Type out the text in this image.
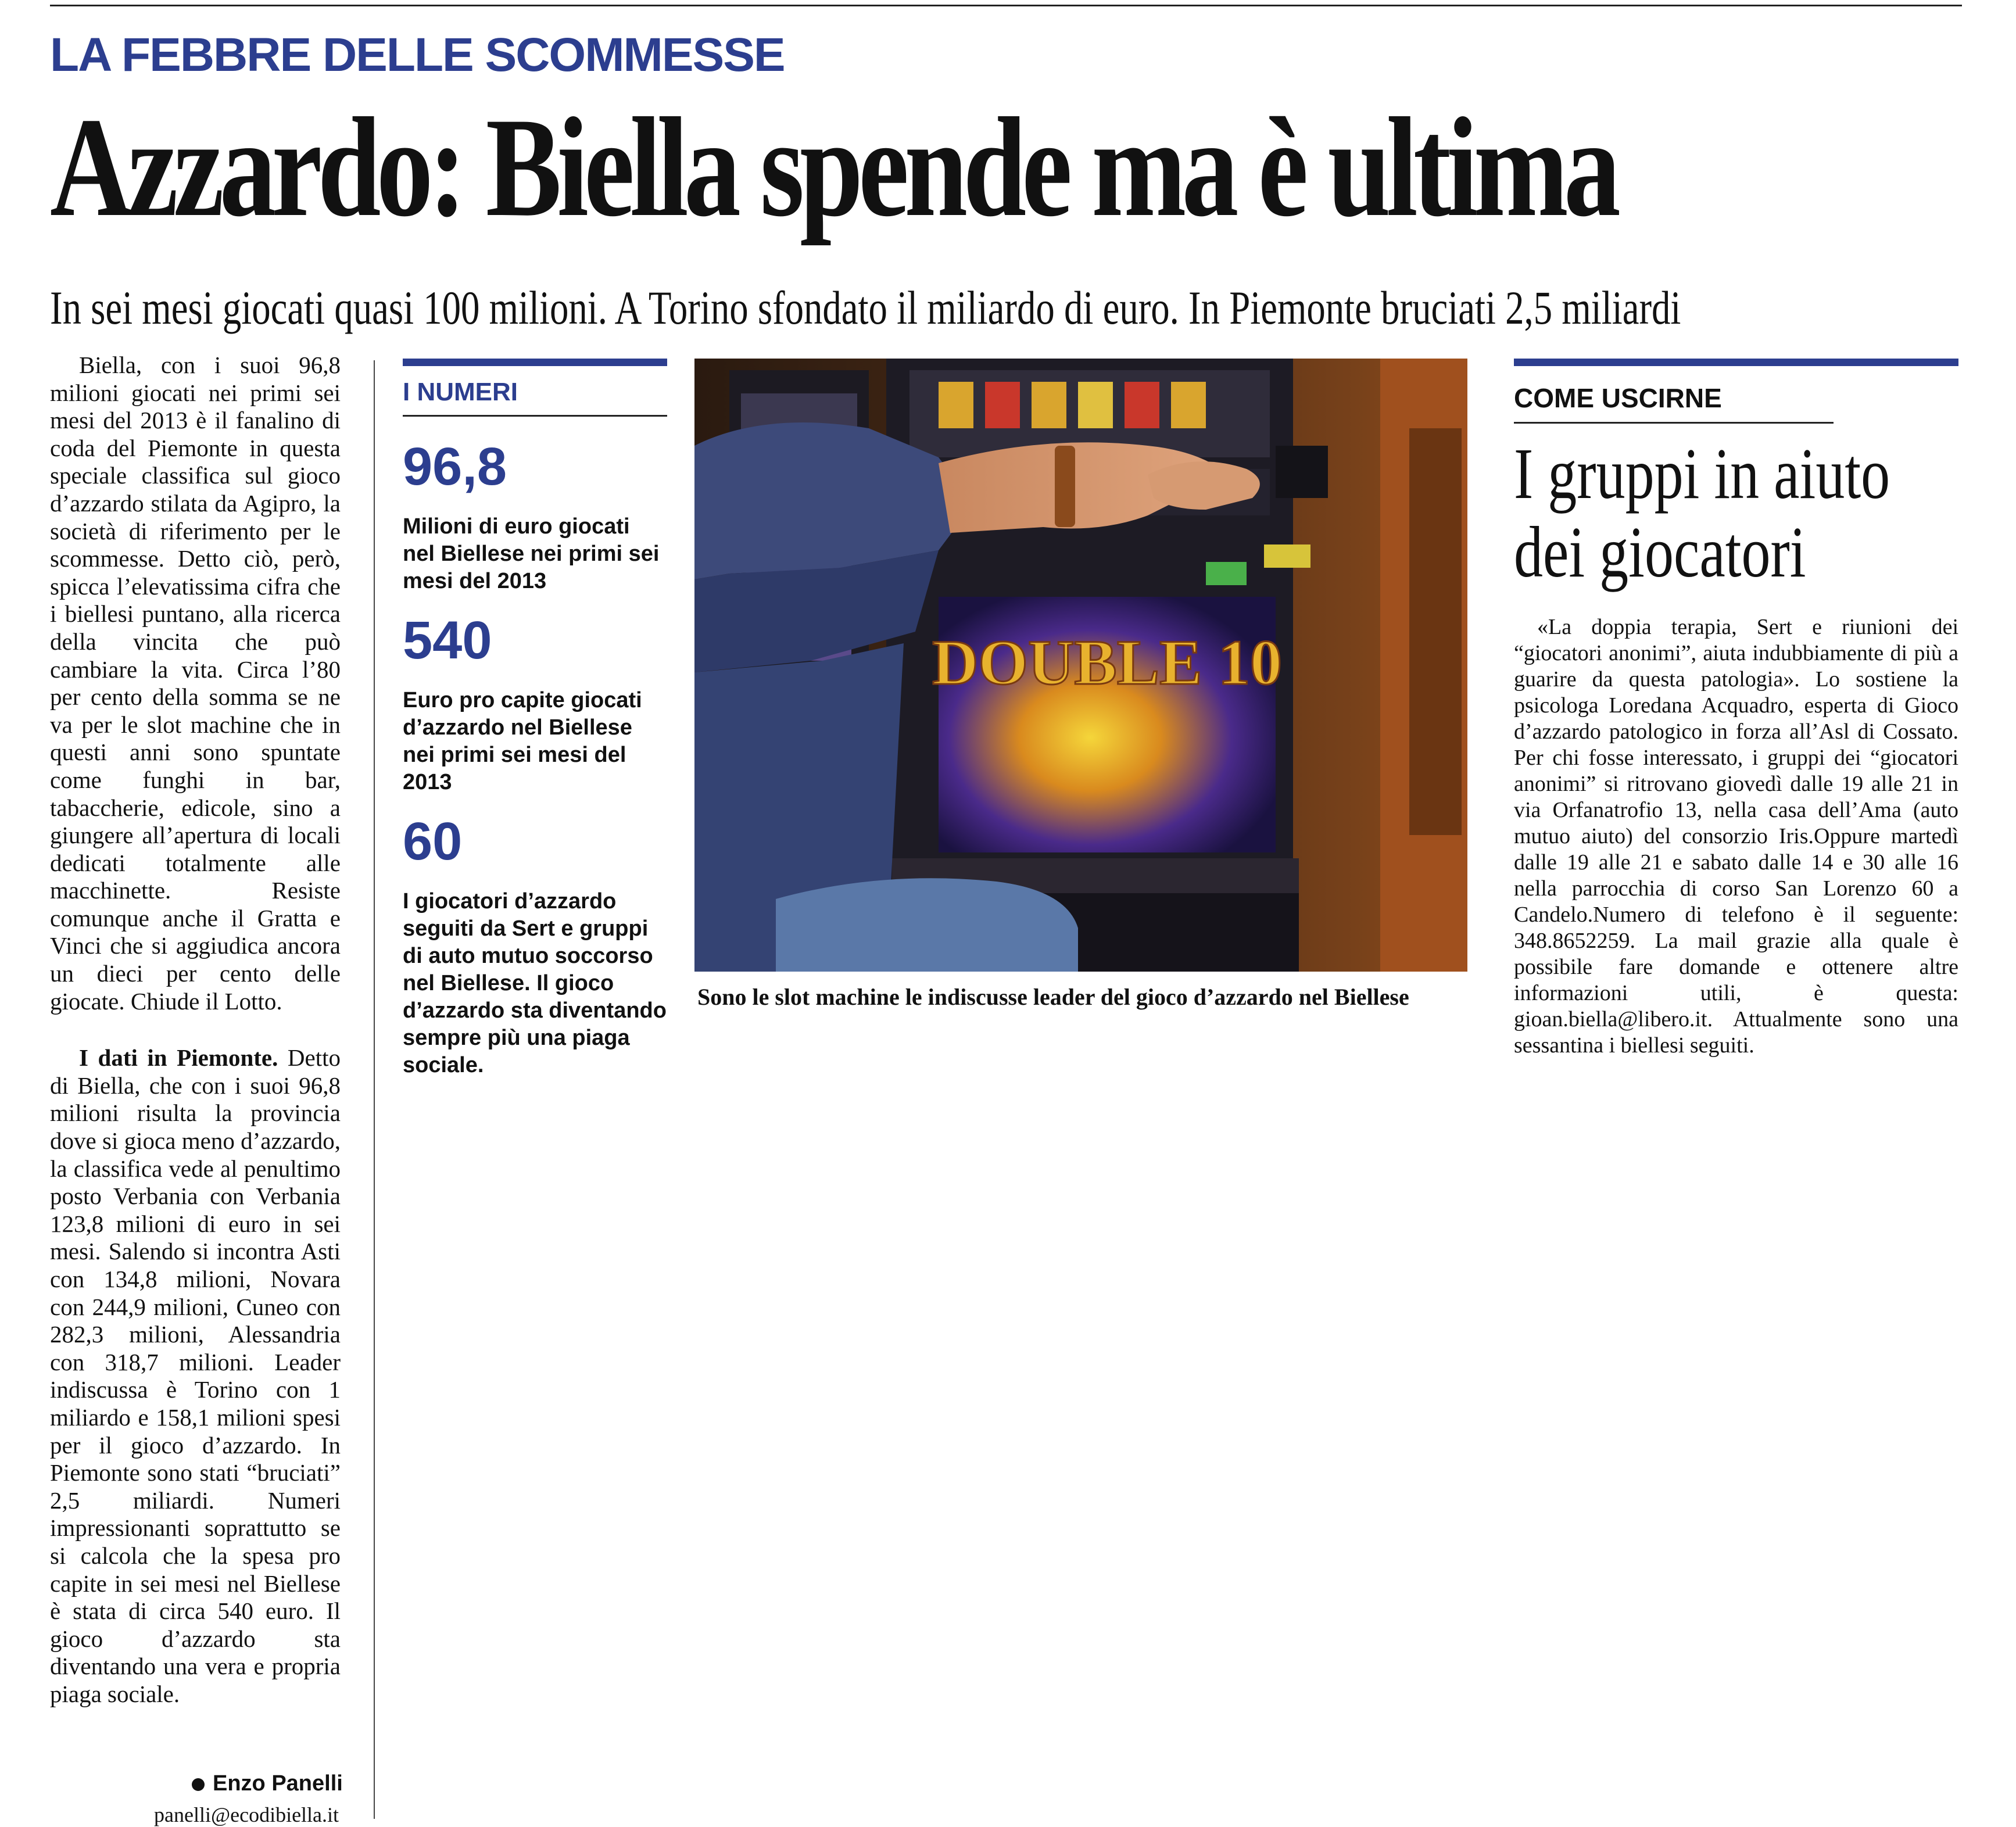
LA FEBBRE DELLE SCOMMESSE
Azzardo: Biella spende ma è ultima
In sei mesi giocati quasi 100 milioni. A Torino sfondato il miliardo di euro. In Piemonte bruciati 2,5 miliardi

Biella, con i suoi 96,8 milioni giocati nei primi sei mesi del 2013 è il fanalino di coda del Piemonte in questa speciale classifica sul gioco d’azzardo stilata da Agipro, la società di riferimento per le scommesse. Detto ciò, però, spicca l’elevatissima cifra che i biellesi puntano, alla ricerca della vincita che può cambiare la vita. Circa l’80 per cento della somma se ne va per le slot machine che in questi anni sono spuntate come funghi in bar, tabaccherie, edicole, sino a giungere all’apertura di locali dedicati totalmente alle macchinette. Resiste comunque anche il Gratta e Vinci che si aggiudica ancora un dieci per cento delle giocate. Chiude il Lotto.

I dati in Piemonte. Detto di Biella, che con i suoi 96,8 milioni risulta la provincia dove si gioca meno d’azzardo, la classifica vede al penultimo posto Verbania con Verbania 123,8 milioni di euro in sei mesi. Salendo si incontra Asti con 134,8 milioni, Novara con 244,9 milioni, Cuneo con 282,3 milioni, Alessandria con 318,7 milioni. Leader indiscussa è Torino con 1 miliardo e 158,1 milioni spesi per il gioco d’azzardo. In Piemonte sono stati “bruciati” 2,5 miliardi. Numeri impressionanti soprattutto se si calcola che la spesa pro capite in sei mesi nel Biellese è stata di circa 540 euro. Il gioco d’azzardo sta diventando una vera e propria piaga sociale.

Enzo Panelli
panelli@ecodibiella.it
I NUMERI
96,8
Milioni di euro giocati nel Biellese nei primi sei mesi del 2013
540
Euro pro capite giocati d’azzardo nel Biellese nei primi sei mesi del 2013
60
I giocatori d’azzardo seguiti da Sert e gruppi di auto mutuo soccorso nel Biellese. Il gioco d’azzardo sta diventando sempre più una piaga sociale.
DOUBLE 10
Sono le slot machine le indiscusse leader del gioco d’azzardo nel Biellese
COME USCIRNE
I gruppi in aiuto
dei giocatori
«La doppia terapia, Sert e riunioni dei “giocatori anonimi”, aiuta indubbiamente di più a guarire da questa patologia». Lo sostiene la psicologa Loredana Acquadro, esperta di Gioco d’azzardo patologico in forza all’Asl di Cossato. Per chi fosse interessato, i gruppi dei “giocatori anonimi” si ritrovano giovedì dalle 19 alle 21 in via Orfanatrofio 13, nella casa dell’Ama (auto mutuo aiuto) del consorzio Iris.Oppure martedì dalle 19 alle 21 e sabato dalle 14 e 30 alle 16 nella parrocchia di corso San Lorenzo 60 a Candelo.Numero di telefono è il seguente: 348.8652259. La mail grazie alla quale è possibile fare domande e ottenere altre informazioni utili, è questa: gioan.biella@libero.it. Attualmente sono una sessantina i biellesi seguiti.
